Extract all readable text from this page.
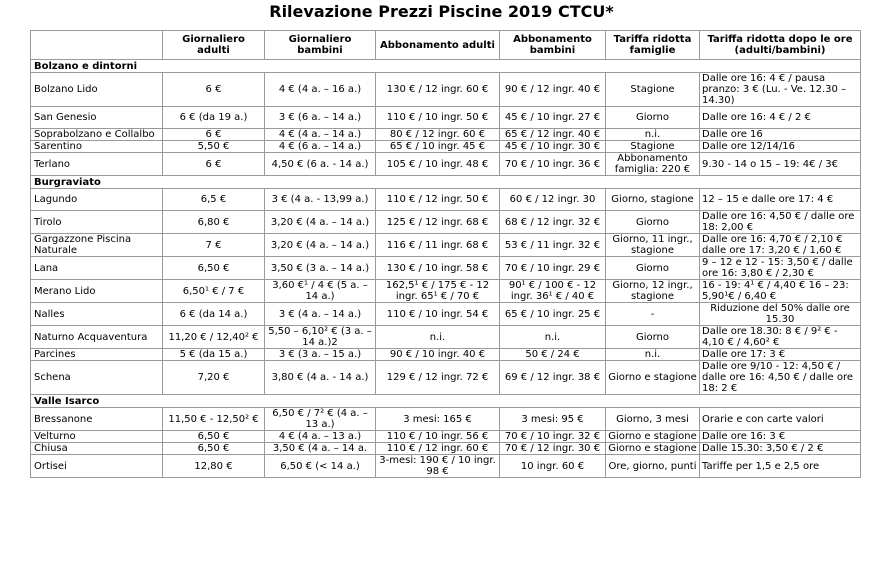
Rilevazione Prezzi Piscine 2019 CTCU*
	Giornaliero adulti	Giornaliero bambini	Abbonamento adulti	Abbonamento bambini	Tariffa ridotta famiglie	Tariffa ridotta dopo le ore (adulti/bambini)
Bolzano e dintorni						
Bolzano Lido	6 €	4 € (4 a. – 16 a.)	130 € / 12 ingr. 60 €	90 € / 12 ingr. 40 €	Stagione	Dalle ore 16: 4 € / pausa pranzo: 3 € (Lu. - Ve. 12.30 – 14.30)
San Genesio	6 € (da 19 a.)	3 € (6 a. – 14 a.)	110 € / 10 ingr. 50 €	45 € / 10 ingr. 27 €	Giorno	Dalle ore 16: 4 € / 2 €
Soprabolzano e Collalbo	6 €	4 € (4 a. – 14 a.)	80 € / 12 ingr. 60 €	65 € / 12 ingr. 40 €	n.i.	Dalle ore 16
Sarentino	5,50 €	4 € (6 a. – 14 a.)	65 € / 10 ingr. 45 €	45 € / 10 ingr. 30 €	Stagione	Dalle ore 12/14/16
Terlano	6 €	4,50 € (6 a. - 14 a.)	105 € / 10 ingr. 48 €	70 € / 10 ingr. 36 €	Abbonamento famiglia: 220 €	9.30 - 14 o 15 – 19: 4€ / 3€
Burgraviato						
Lagundo	6,5 €	3 € (4 a. - 13,99 a.)	110 € / 12 ingr. 50 €	60 € / 12 ingr. 30	Giorno, stagione	12 – 15 e dalle ore 17: 4 €
Tirolo	6,80 €	3,20 € (4 a. – 14 a.)	125 € / 12 ingr. 68 €	68 € / 12 ingr. 32 €	Giorno	Dalle ore 16: 4,50 € / dalle ore 18: 2,00 €
Gargazzone Piscina Naturale	7 €	3,20 € (4 a. – 14 a.)	116 € / 11 ingr. 68 €	53 € / 11 ingr. 32 €	Giorno, 11 ingr., stagione	Dalle ore 16: 4,70 € / 2,10 € dalle ore 17: 3,20 € / 1,60 €
Lana	6,50 €	3,50 € (3 a. – 14 a.)	130 € / 10 ingr. 58 €	70 € / 10 ingr. 29 €	Giorno	9 – 12 e 12 - 15: 3,50 € / dalle ore 16: 3,80 € / 2,30 €
Merano Lido	6,50¹ € / 7 €	3,60 €¹ / 4 € (5 a. – 14 a.)	162,5¹ € / 175 € - 12 ingr. 65¹ € / 70 €	90¹ € / 100 € - 12 ingr. 36¹ € / 40 €	Giorno, 12 ingr., stagione	16 - 19: 4¹ € / 4,40 € 16 – 23: 5,90¹€ / 6,40 €
Nalles	6 € (da 14 a.)	3 € (4 a. – 14 a.)	110 € / 10 ingr. 54 €	65 € / 10 ingr. 25 €	-	Riduzione del 50% dalle ore 15.30
Naturno Acquaventura	11,20 € / 12,40² €	5,50 – 6,10² € (3 a. – 14 a.)2	n.i.	n.i.	Giorno	Dalle ore 18.30: 8 € / 9² € - 4,10 € / 4,60² €
Parcines	5 € (da 15 a.)	3 € (3 a. – 15 a.)	90 € / 10 ingr. 40 €	50 € / 24 €	n.i.	Dalle ore 17: 3 €
Schena	7,20 €	3,80 € (4 a. - 14 a.)	129 € / 12 ingr. 72 €	69 € / 12 ingr. 38 €	Giorno e stagione	Dalle ore 9/10 - 12: 4,50 € / dalle ore 16: 4,50 € / dalle ore 18: 2 €
Valle Isarco						
Bressanone	11,50 € - 12,50² €	6,50 € / 7² € (4 a. – 13 a.)	3 mesi: 165 €	3 mesi: 95 €	Giorno, 3 mesi	Orarie e con carte valori
Velturno	6,50 €	4 € (4 a. – 13 a.)	110 € / 10 ingr. 56 €	70 € / 10 ingr. 32 €	Giorno e stagione	Dalle ore 16: 3 €
Chiusa	6,50 €	3,50 € (4 a. – 14 a.	110 € / 12 ingr. 60 €	70 € / 12 ingr. 30 €	Giorno e stagione	Dalle 15.30: 3,50 € / 2 €
Ortisei	12,80 €	6,50 € (< 14 a.)	3-mesi: 190 € / 10 ingr. 98 €	10 ingr. 60 €	Ore, giorno, punti	Tariffe per 1,5 e 2,5 ore
